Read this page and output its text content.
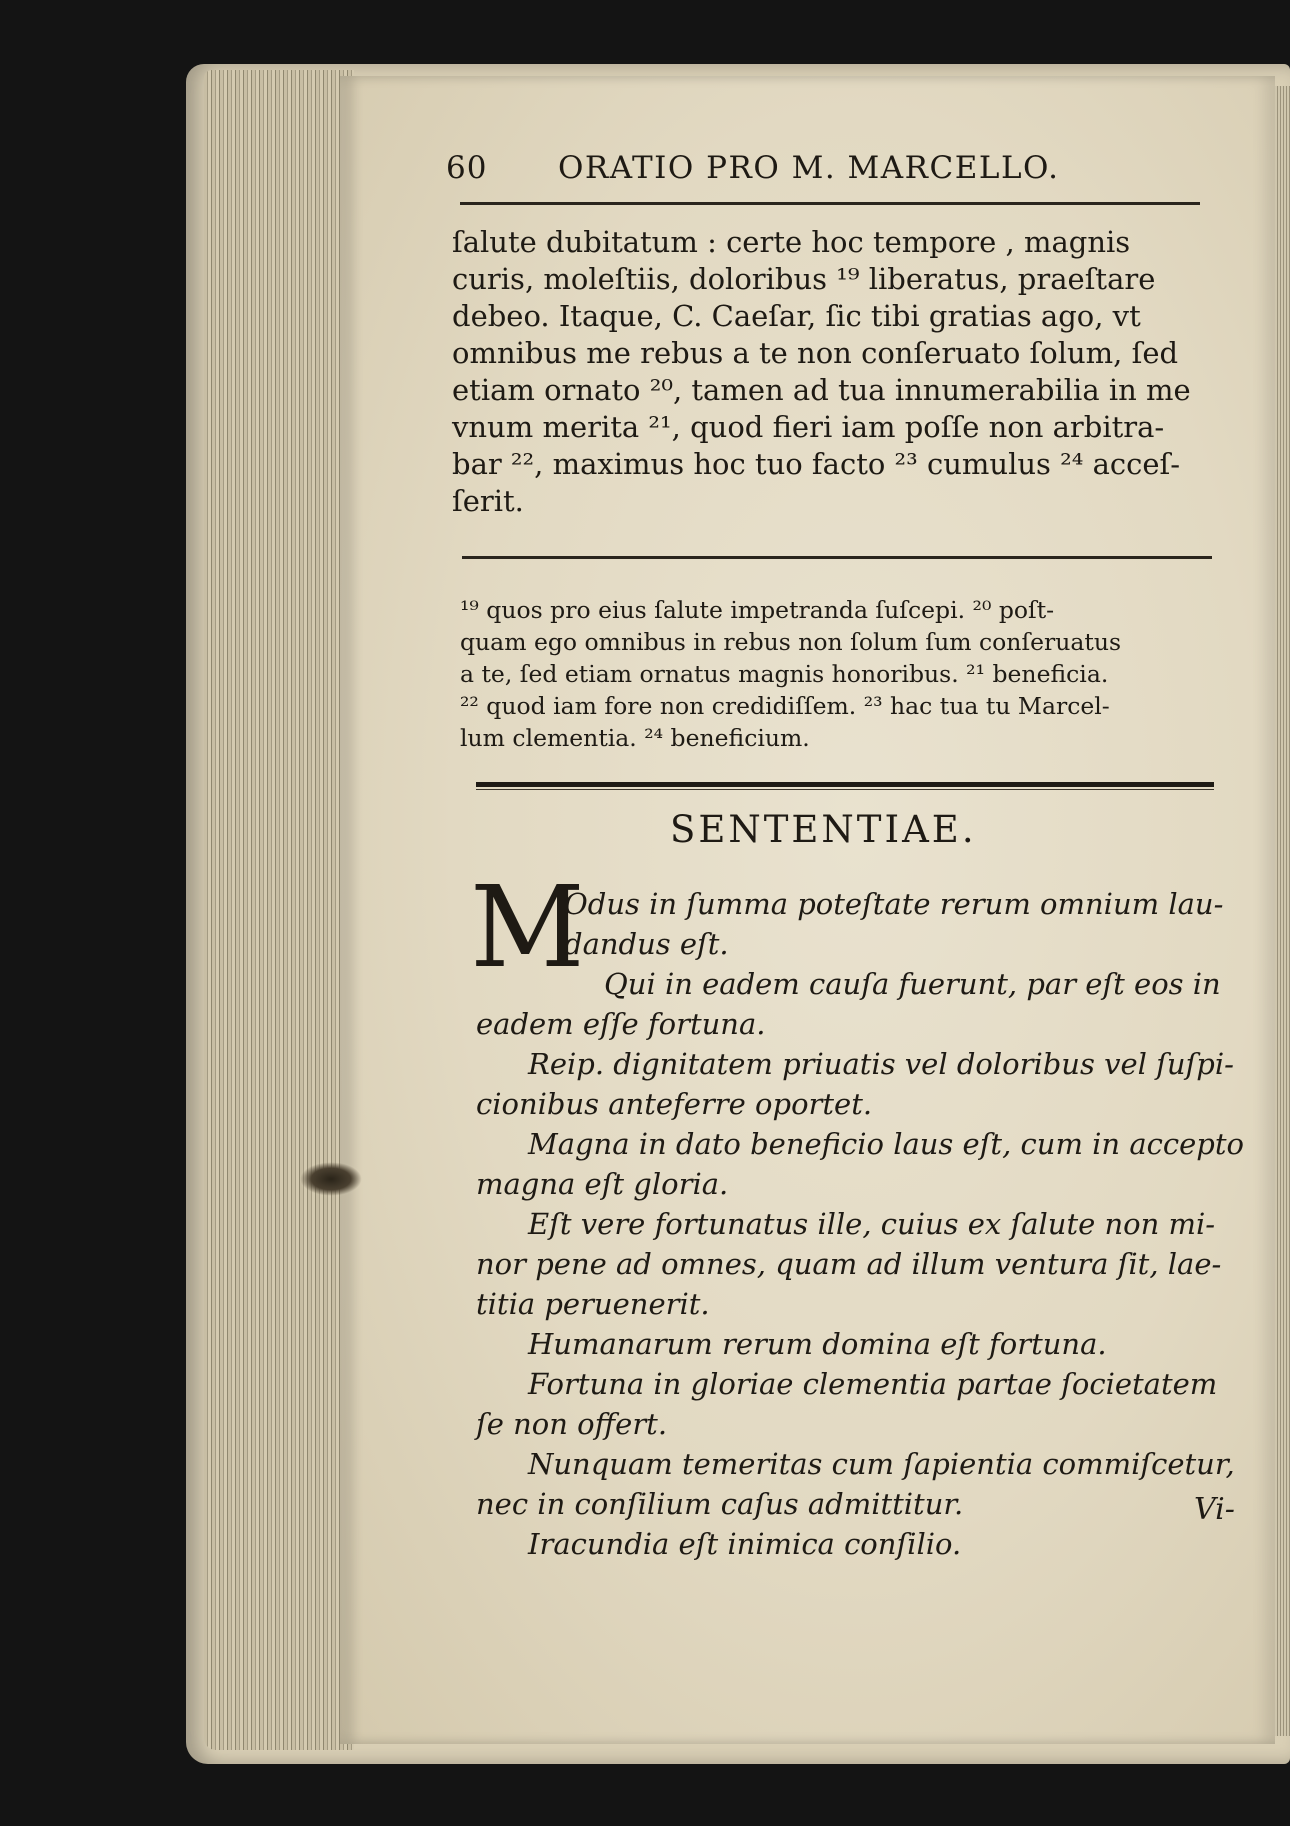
60 ORATIO PRO M. MARCELLO.
ſalute dubitatum : certe hoc tempore , magnis
curis, moleſtiis, doloribus ¹⁹ liberatus, praeſtare
debeo. Itaque, C. Caeſar, ſic tibi gratias ago, vt
omnibus me rebus a te non conſeruato ſolum, ſed
etiam ornato ²⁰, tamen ad tua innumerabilia in me
vnum merita ²¹, quod fieri iam poſſe non arbitra-
bar ²², maximus hoc tuo facto ²³ cumulus ²⁴ acceſ-
ſerit.
¹⁹ quos pro eius ſalute impetranda ſuſcepi. ²⁰ poſt-
quam ego omnibus in rebus non ſolum ſum conſeruatus
a te, ſed etiam ornatus magnis honoribus. ²¹ beneficia.
²² quod iam fore non credidiſſem. ²³ hac tua tu Marcel-
lum clementia. ²⁴ beneficium.
SENTENTIAE.
M
Odus in ſumma poteſtate rerum omnium lau-
dandus eſt.
Qui in eadem cauſa fuerunt, par eſt eos in
eadem eſſe fortuna.
Reip. dignitatem priuatis vel doloribus vel ſuſpi-
cionibus anteferre oportet.
Magna in dato beneficio laus eſt, cum in accepto
magna eſt gloria.
Eſt vere fortunatus ille, cuius ex ſalute non mi-
nor pene ad omnes, quam ad illum ventura ſit, lae-
titia peruenerit.
Humanarum rerum domina eſt fortuna.
Fortuna in gloriae clementia partae ſocietatem
ſe non offert.
Nunquam temeritas cum ſapientia commiſcetur,
nec in conſilium caſus admittitur.
Iracundia eſt inimica conſilio.
Vi-
